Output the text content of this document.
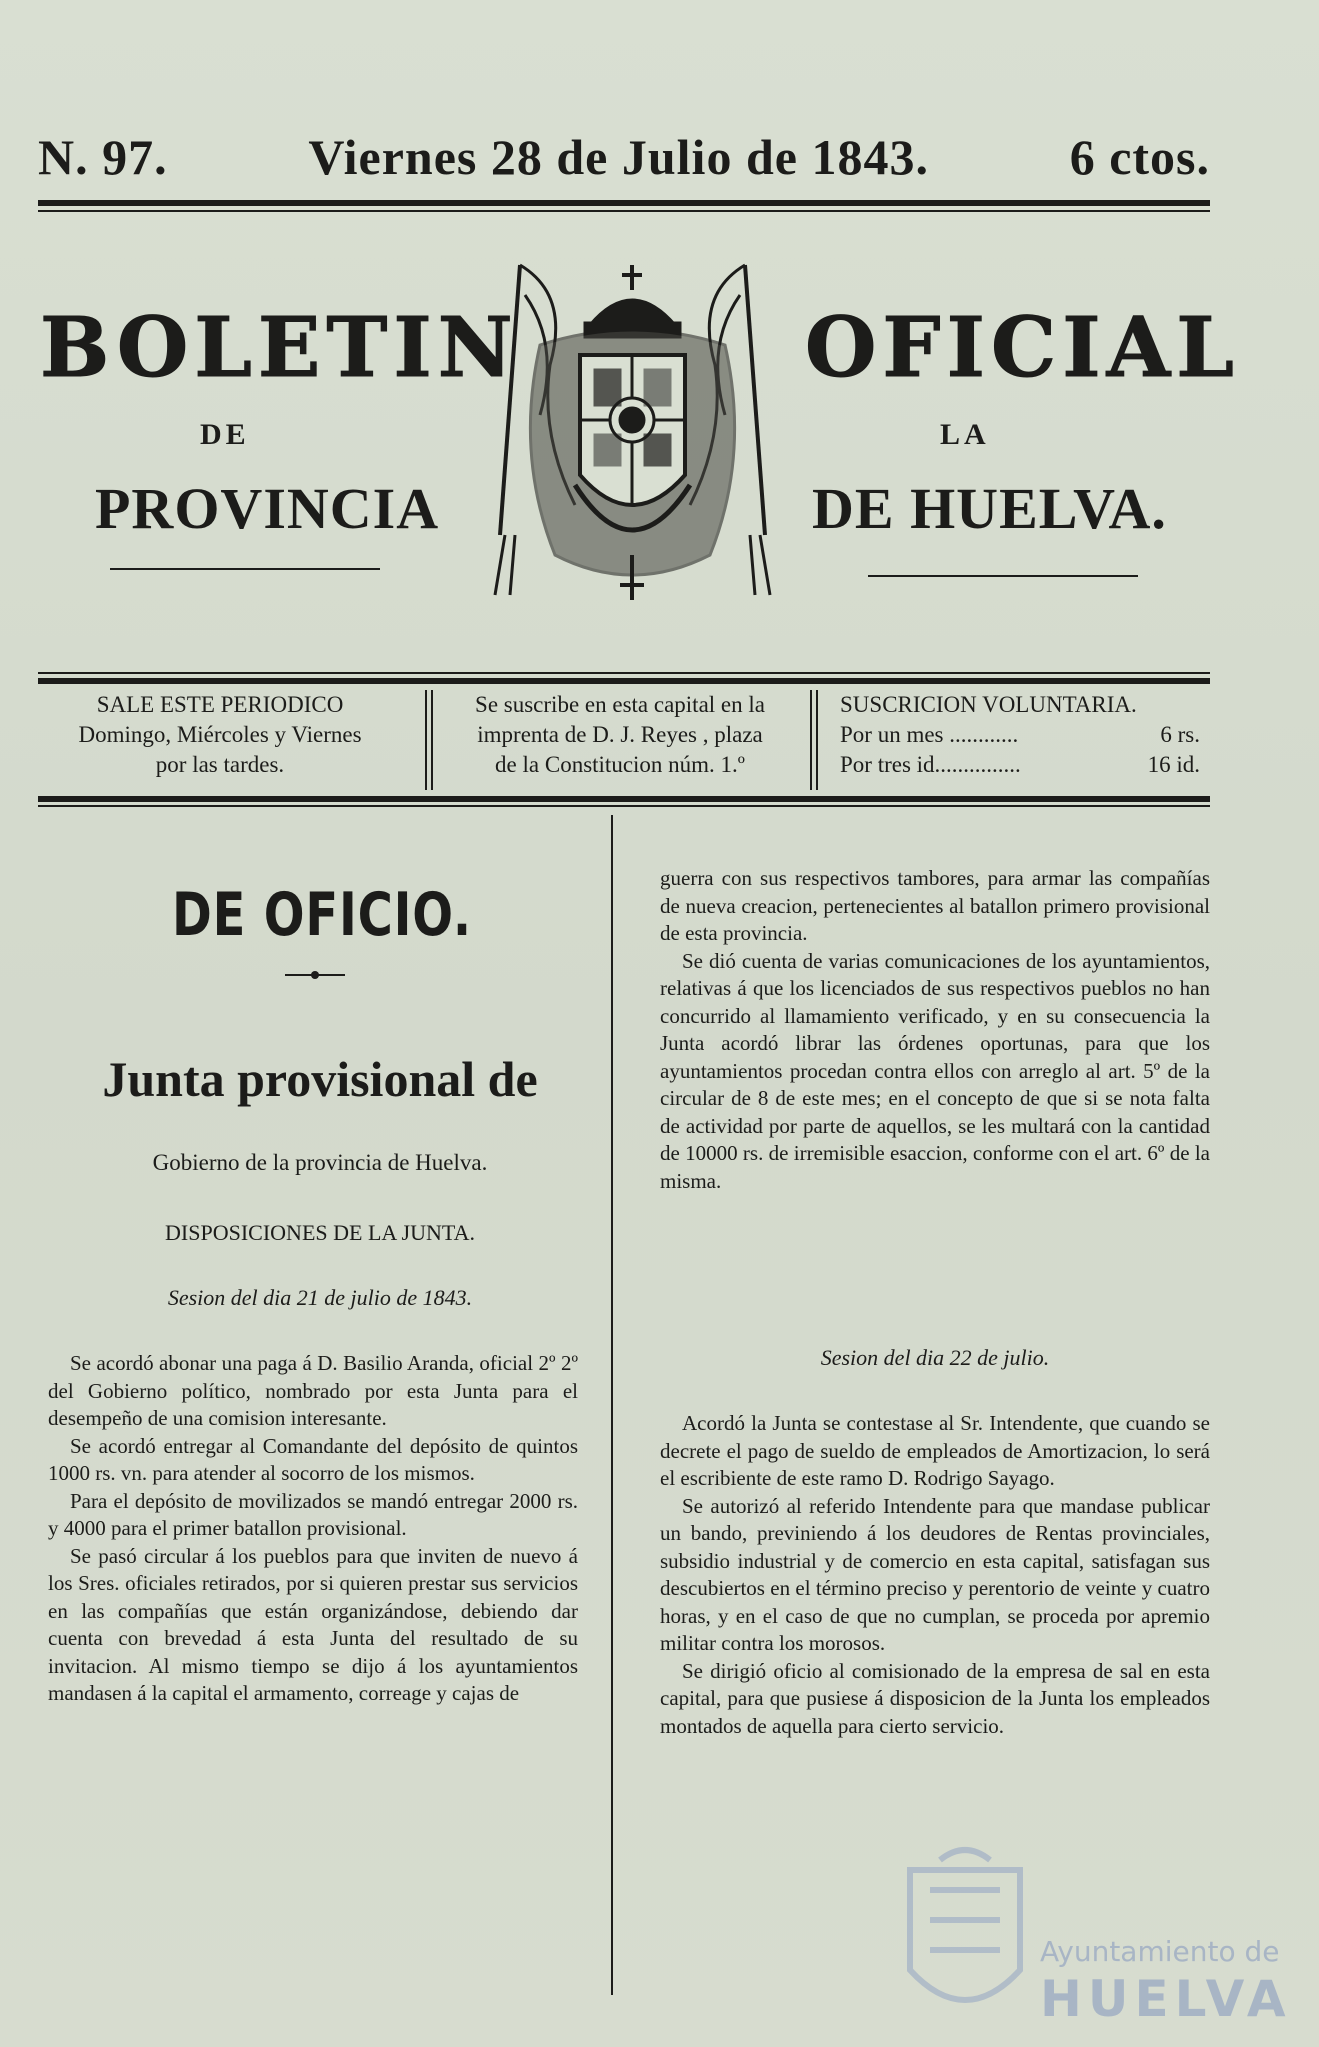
N. 97.	Viernes 28 de Julio de 1843.	6 ctos.
BOLETIN	OFICIAL
DE	LA
PROVINCIA	DE HUELVA.
SALE ESTE PERIODICO
Domingo, Miércoles y Viernes
por las tardes.
Se suscribe en esta capital en la
imprenta de D. J. Reyes , plaza
de la Constitucion núm. 1.º
SUSCRICION VOLUNTARIA.
Por un mes ............	6 rs.
Por tres id...............	16 id.
DE OFICIO.
Junta provisional de
Gobierno de la provincia de Huelva.
DISPOSICIONES DE LA JUNTA.
Sesion del dia 21 de julio de 1843.

Se acordó abonar una paga á D. Basilio Aranda, oficial 2º 2º del Gobierno político, nombrado por esta Junta para el desempeño de una comision interesante.

Se acordó entregar al Comandante del depósito de quintos 1000 rs. vn. para atender al socorro de los mismos.

Para el depósito de movilizados se mandó entregar 2000 rs. y 4000 para el primer batallon provisional.

Se pasó circular á los pueblos para que inviten de nuevo á los Sres. oficiales retirados, por si quieren prestar sus servicios en las compañías que están organizándose, debiendo dar cuenta con brevedad á esta Junta del resultado de su invitacion. Al mismo tiempo se dijo á los ayuntamientos mandasen á la capital el armamento, correage y cajas de

guerra con sus respectivos tambores, para armar las compañías de nueva creacion, pertenecientes al batallon primero provisional de esta provincia.

Se dió cuenta de varias comunicaciones de los ayuntamientos, relativas á que los licenciados de sus respectivos pueblos no han concurrido al llamamiento verificado, y en su consecuencia la Junta acordó librar las órdenes oportunas, para que los ayuntamientos procedan contra ellos con arreglo al art. 5º de la circular de 8 de este mes; en el concepto de que si se nota falta de actividad por parte de aquellos, se les multará con la cantidad de 10000 rs. de irremisible esaccion, conforme con el art. 6º de la misma.

Sesion del dia 22 de julio.

Acordó la Junta se contestase al Sr. Intendente, que cuando se decrete el pago de sueldo de empleados de Amortizacion, lo será el escribiente de este ramo D. Rodrigo Sayago.

Se autorizó al referido Intendente para que mandase publicar un bando, previniendo á los deudores de Rentas provinciales, subsidio industrial y de comercio en esta capital, satisfagan sus descubiertos en el término preciso y perentorio de veinte y cuatro horas, y en el caso de que no cumplan, se proceda por apremio militar contra los morosos.

Se dirigió oficio al comisionado de la empresa de sal en esta capital, para que pusiese á disposicion de la Junta los empleados montados de aquella para cierto servicio.

Ayuntamiento de
HUELVA
